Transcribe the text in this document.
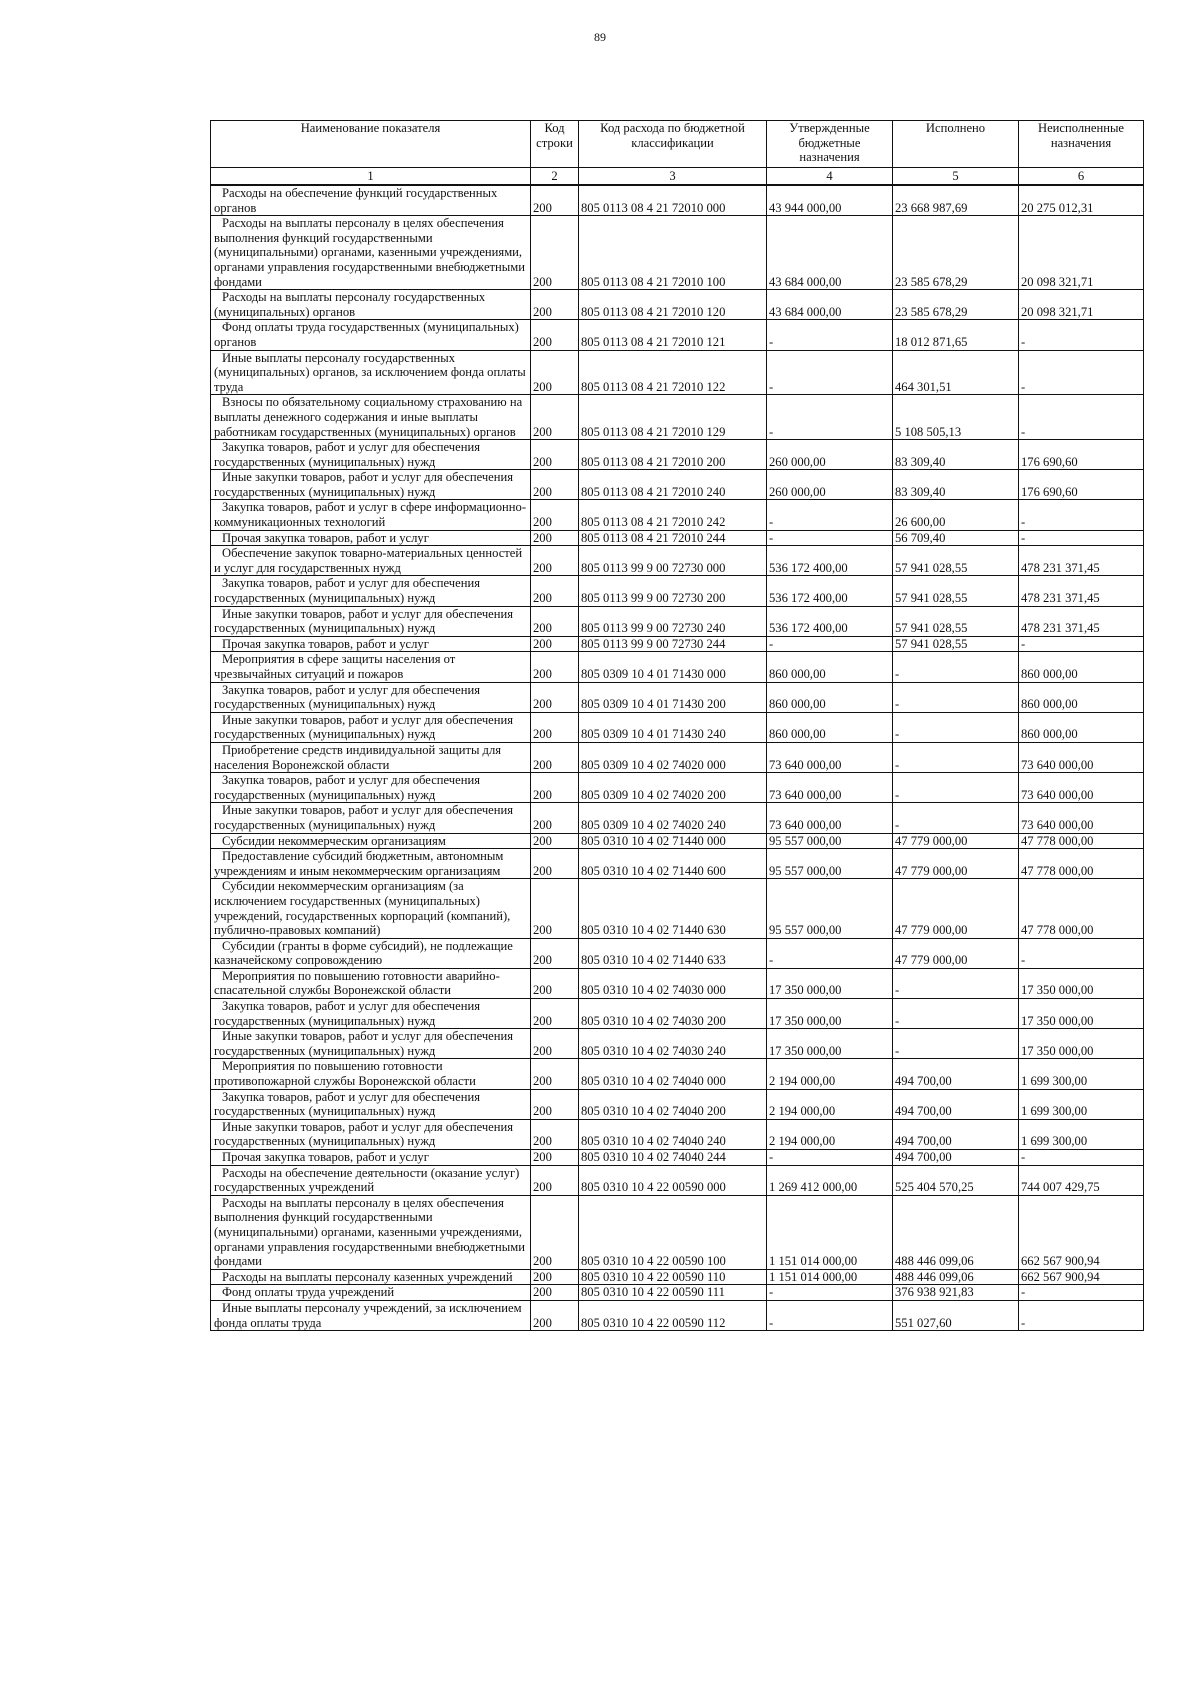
89
Наименование показателя	Код строки	Код расхода по бюджетной классификации	Утвержденные бюджетные назначения	Исполнено	Неисполненные назначения
1	2	3	4	5	6
Расходы на обеспечение функций государственных органов	200	805 0113 08 4 21 72010 000	43 944 000,00	23 668 987,69	20 275 012,31
Расходы на выплаты персоналу в целях обеспечения выполнения функций государственными (муниципальными) органами, казенными учреждениями, органами управления государственными внебюджетными фондами	200	805 0113 08 4 21 72010 100	43 684 000,00	23 585 678,29	20 098 321,71
Расходы на выплаты персоналу государственных (муниципальных) органов	200	805 0113 08 4 21 72010 120	43 684 000,00	23 585 678,29	20 098 321,71
Фонд оплаты труда государственных (муниципальных) органов	200	805 0113 08 4 21 72010 121	-	18 012 871,65	-
Иные выплаты персоналу государственных (муниципальных) органов, за исключением фонда оплаты труда	200	805 0113 08 4 21 72010 122	-	464 301,51	-
Взносы по обязательному социальному страхованию на выплаты денежного содержания и иные выплаты работникам государственных (муниципальных) органов	200	805 0113 08 4 21 72010 129	-	5 108 505,13	-
Закупка товаров, работ и услуг для обеспечения государственных (муниципальных) нужд	200	805 0113 08 4 21 72010 200	260 000,00	83 309,40	176 690,60
Иные закупки товаров, работ и услуг для обеспечения государственных (муниципальных) нужд	200	805 0113 08 4 21 72010 240	260 000,00	83 309,40	176 690,60
Закупка товаров, работ и услуг в сфере информационно-коммуникационных технологий	200	805 0113 08 4 21 72010 242	-	26 600,00	-
Прочая закупка товаров, работ и услуг	200	805 0113 08 4 21 72010 244	-	56 709,40	-
Обеспечение закупок товарно-материальных ценностей и услуг для государственных нужд	200	805 0113 99 9 00 72730 000	536 172 400,00	57 941 028,55	478 231 371,45
Закупка товаров, работ и услуг для обеспечения государственных (муниципальных) нужд	200	805 0113 99 9 00 72730 200	536 172 400,00	57 941 028,55	478 231 371,45
Иные закупки товаров, работ и услуг для обеспечения государственных (муниципальных) нужд	200	805 0113 99 9 00 72730 240	536 172 400,00	57 941 028,55	478 231 371,45
Прочая закупка товаров, работ и услуг	200	805 0113 99 9 00 72730 244	-	57 941 028,55	-
Мероприятия в сфере защиты населения от чрезвычайных ситуаций и пожаров	200	805 0309 10 4 01 71430 000	860 000,00	-	860 000,00
Закупка товаров, работ и услуг для обеспечения государственных (муниципальных) нужд	200	805 0309 10 4 01 71430 200	860 000,00	-	860 000,00
Иные закупки товаров, работ и услуг для обеспечения государственных (муниципальных) нужд	200	805 0309 10 4 01 71430 240	860 000,00	-	860 000,00
Приобретение средств индивидуальной защиты для населения Воронежской области	200	805 0309 10 4 02 74020 000	73 640 000,00	-	73 640 000,00
Закупка товаров, работ и услуг для обеспечения государственных (муниципальных) нужд	200	805 0309 10 4 02 74020 200	73 640 000,00	-	73 640 000,00
Иные закупки товаров, работ и услуг для обеспечения государственных (муниципальных) нужд	200	805 0309 10 4 02 74020 240	73 640 000,00	-	73 640 000,00
Субсидии некоммерческим организациям	200	805 0310 10 4 02 71440 000	95 557 000,00	47 779 000,00	47 778 000,00
Предоставление субсидий бюджетным, автономным учреждениям и иным некоммерческим организациям	200	805 0310 10 4 02 71440 600	95 557 000,00	47 779 000,00	47 778 000,00
Субсидии некоммерческим организациям (за исключением государственных (муниципальных) учреждений, государственных корпораций (компаний), публично-правовых компаний)	200	805 0310 10 4 02 71440 630	95 557 000,00	47 779 000,00	47 778 000,00
Субсидии (гранты в форме субсидий), не подлежащие казначейскому сопровождению	200	805 0310 10 4 02 71440 633	-	47 779 000,00	-
Мероприятия по повышению готовности аварийно-спасательной службы Воронежской области	200	805 0310 10 4 02 74030 000	17 350 000,00	-	17 350 000,00
Закупка товаров, работ и услуг для обеспечения государственных (муниципальных) нужд	200	805 0310 10 4 02 74030 200	17 350 000,00	-	17 350 000,00
Иные закупки товаров, работ и услуг для обеспечения государственных (муниципальных) нужд	200	805 0310 10 4 02 74030 240	17 350 000,00	-	17 350 000,00
Мероприятия по повышению готовности противопожарной службы Воронежской области	200	805 0310 10 4 02 74040 000	2 194 000,00	494 700,00	1 699 300,00
Закупка товаров, работ и услуг для обеспечения государственных (муниципальных) нужд	200	805 0310 10 4 02 74040 200	2 194 000,00	494 700,00	1 699 300,00
Иные закупки товаров, работ и услуг для обеспечения государственных (муниципальных) нужд	200	805 0310 10 4 02 74040 240	2 194 000,00	494 700,00	1 699 300,00
Прочая закупка товаров, работ и услуг	200	805 0310 10 4 02 74040 244	-	494 700,00	-
Расходы на обеспечение деятельности (оказание услуг) государственных учреждений	200	805 0310 10 4 22 00590 000	1 269 412 000,00	525 404 570,25	744 007 429,75
Расходы на выплаты персоналу в целях обеспечения выполнения функций государственными (муниципальными) органами, казенными учреждениями, органами управления государственными внебюджетными фондами	200	805 0310 10 4 22 00590 100	1 151 014 000,00	488 446 099,06	662 567 900,94
Расходы на выплаты персоналу казенных учреждений	200	805 0310 10 4 22 00590 110	1 151 014 000,00	488 446 099,06	662 567 900,94
Фонд оплаты труда учреждений	200	805 0310 10 4 22 00590 111	-	376 938 921,83	-
Иные выплаты персоналу учреждений, за исключением фонда оплаты труда	200	805 0310 10 4 22 00590 112	-	551 027,60	-
